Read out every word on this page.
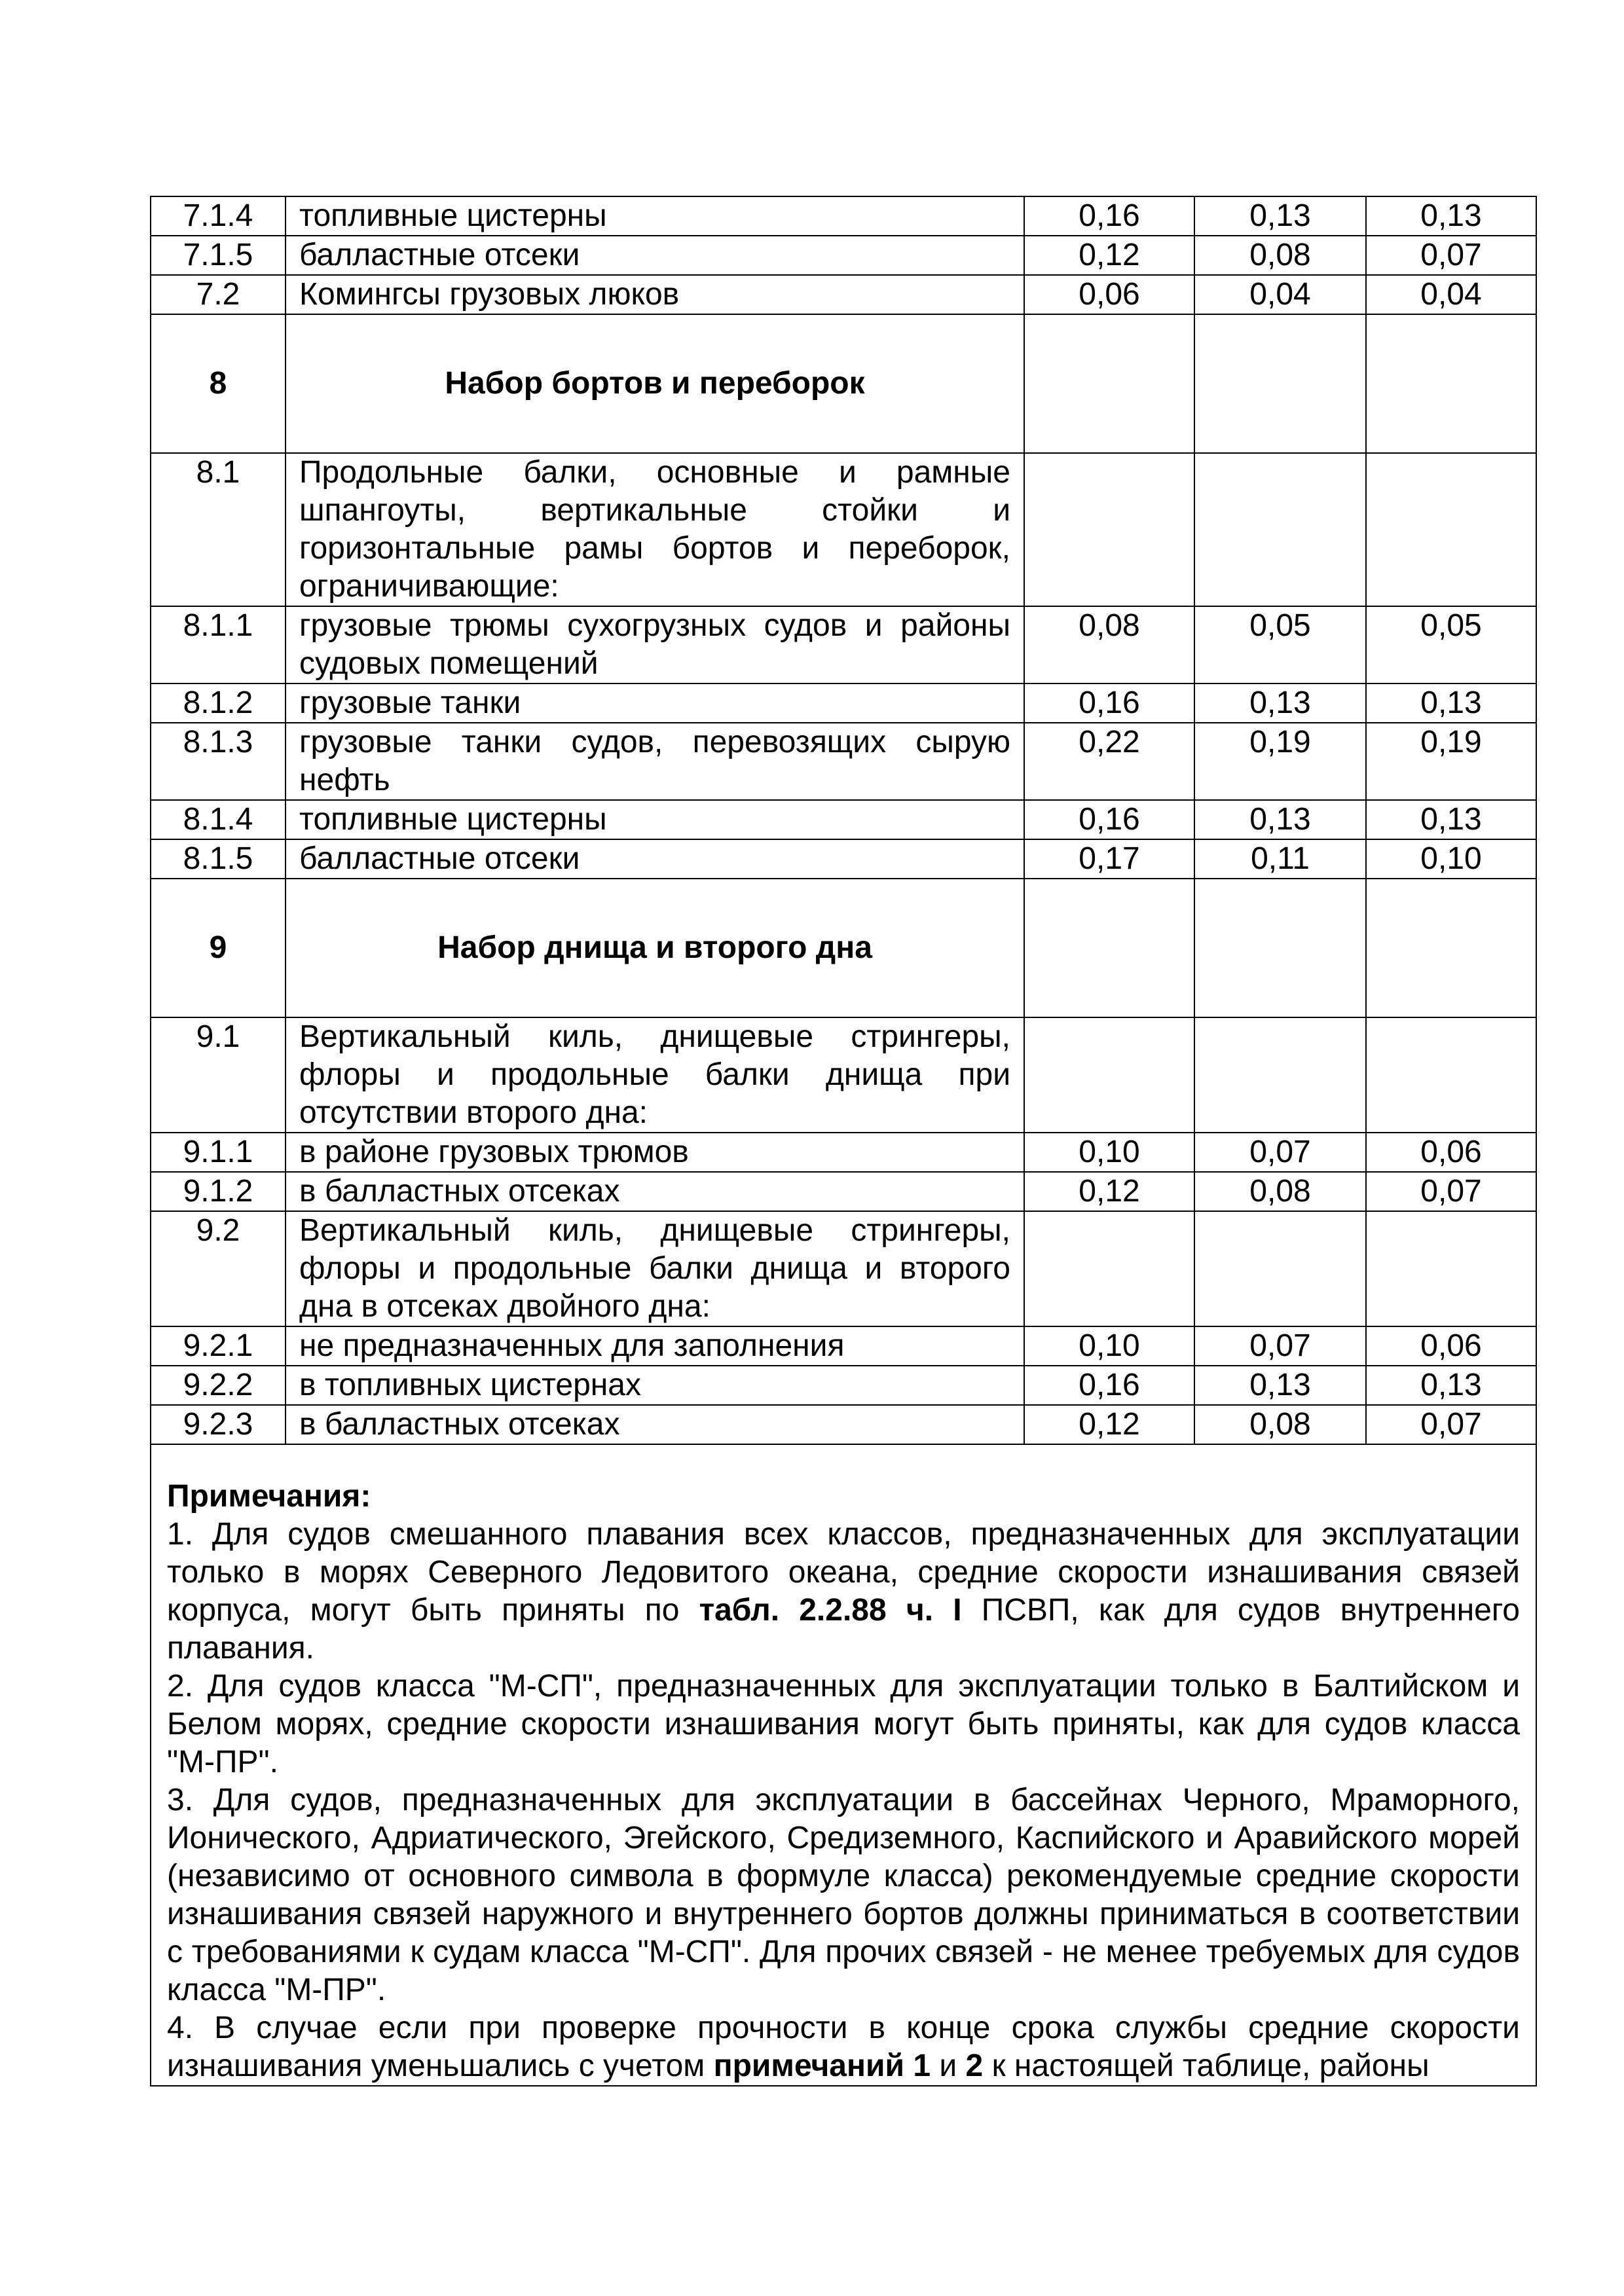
7.1.4	топливные цистерны	0,16	0,13	0,13
7.1.5	балластные отсеки	0,12	0,08	0,07
7.2	Комингсы грузовых люков	0,06	0,04	0,04
8	Набор бортов и переборок			
8.1	Продольные балки, основные и рамные шпангоуты, вертикальные стойки и горизонтальные рамы бортов и переборок, ограничивающие:			
8.1.1	грузовые трюмы сухогрузных судов и районы судовых помещений	0,08	0,05	0,05
8.1.2	грузовые танки	0,16	0,13	0,13
8.1.3	грузовые танки судов, перевозящих сырую нефть	0,22	0,19	0,19
8.1.4	топливные цистерны	0,16	0,13	0,13
8.1.5	балластные отсеки	0,17	0,11	0,10
9	Набор днища и второго дна			
9.1	Вертикальный киль, днищевые стрингеры, флоры и продольные балки днища при отсутствии второго дна:			
9.1.1	в районе грузовых трюмов	0,10	0,07	0,06
9.1.2	в балластных отсеках	0,12	0,08	0,07
9.2	Вертикальный киль, днищевые стрингеры, флоры и продольные балки днища и второго дна в отсеках двойного дна:			
9.2.1	не предназначенных для заполнения	0,10	0,07	0,06
9.2.2	в топливных цистернах	0,16	0,13	0,13
9.2.3	в балластных отсеках	0,12	0,08	0,07

Примечания:

1. Для судов смешанного плавания всех классов, предназначенных для эксплуатации только в морях Северного Ледовитого океана, средние скорости изнашивания связей корпуса, могут быть приняты по табл. 2.2.88 ч. I ПСВП, как для судов внутреннего плавания.

2. Для судов класса "М-СП", предназначенных для эксплуатации только в Балтийском и Белом морях, средние скорости изнашивания могут быть приняты, как для судов класса "М-ПР".

3. Для судов, предназначенных для эксплуатации в бассейнах Черного, Мраморного, Ионического, Адриатического, Эгейского, Средиземного, Каспийского и Аравийского морей (независимо от основного символа в формуле класса) рекомендуемые средние скорости изнашивания связей наружного и внутреннего бортов должны приниматься в соответствии с требованиями к судам класса "М-СП". Для прочих связей - не менее требуемых для судов класса "М-ПР".

4. В случае если при проверке прочности в конце срока службы средние скорости изнашивания уменьшались с учетом примечаний 1 и 2 к настоящей таблице, районы				
